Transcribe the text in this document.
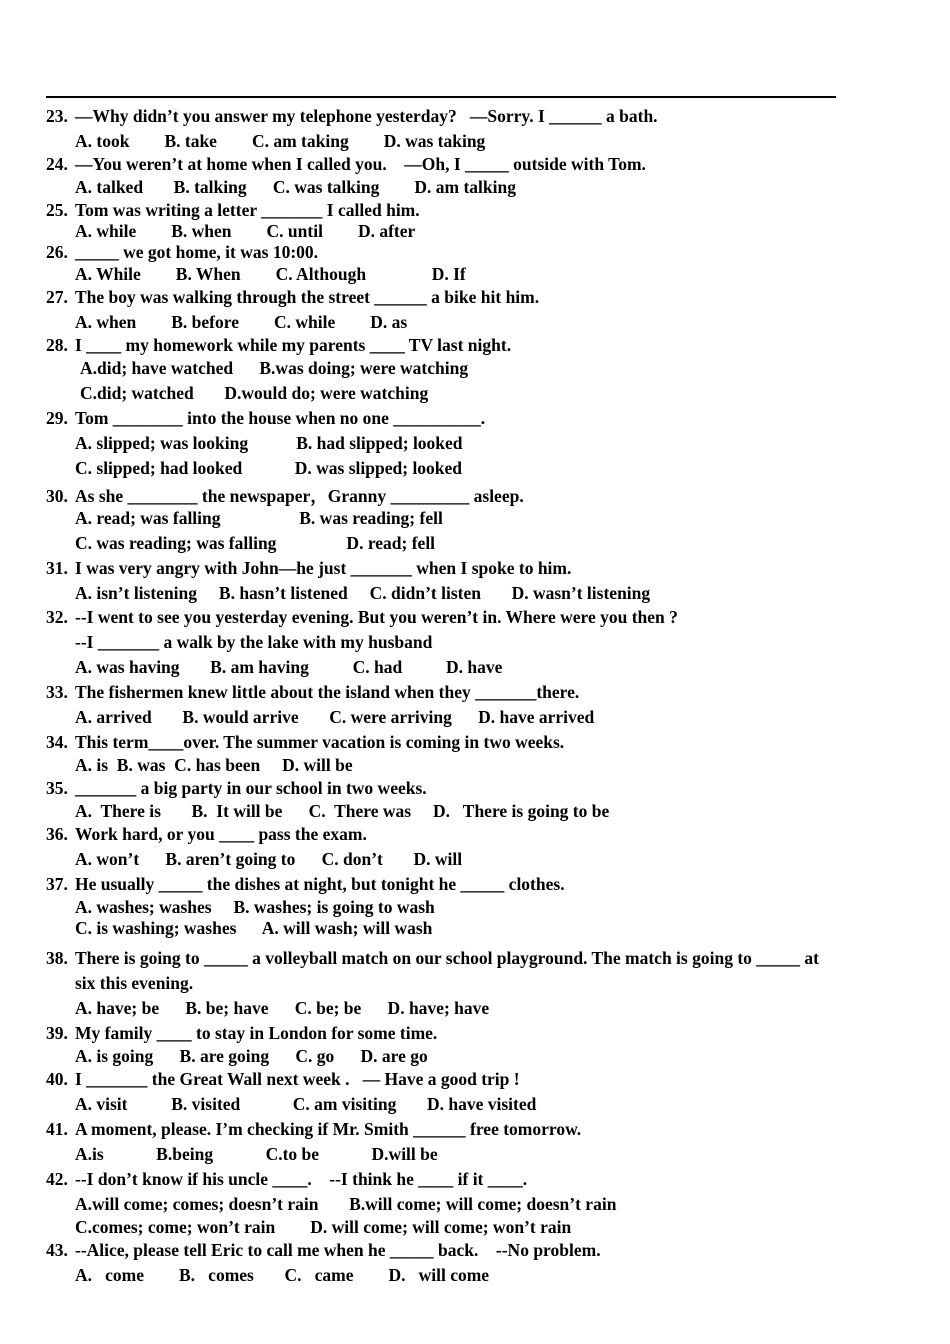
23. —Why didn’t you answer my telephone yesterday?   —Sorry. I ______ a bath.
A. took        B. take        C. am taking        D. was taking
24. —You weren’t at home when I called you.    —Oh, I _____ outside with Tom.
A. talked       B. talking      C. was talking        D. am talking
25. Tom was writing a letter _______ I called him.
A. while        B. when        C. until        D. after
26. _____ we got home, it was 10:00.
A. While        B. When        C. Although               D. If
27. The boy was walking through the street ______ a bike hit him.
A. when        B. before        C. while        D. as
28. I ____ my homework while my parents ____ TV last night.
A.did; have watched      B.was doing; were watching
C.did; watched       D.would do; were watching
29. Tom ________ into the house when no one __________.
A. slipped; was looking           B. had slipped; looked
C. slipped; had looked            D. was slipped; looked
30. As she ________ the newspaper，Granny _________ asleep.
A. read; was falling                  B. was reading; fell
C. was reading; was falling                D. read; fell
31. I was very angry with John—he just _______ when I spoke to him.
A. isn’t listening     B. hasn’t listened     C. didn’t listen       D. wasn’t listening
32. --I went to see you yesterday evening. But you weren’t in. Where were you then ?
--I _______ a walk by the lake with my husband
A. was having       B. am having          C. had          D. have
33. The fishermen knew little about the island when they _______there.
A. arrived       B. would arrive       C. were arriving      D. have arrived
34. This term____over. The summer vacation is coming in two weeks.
A. is  B. was  C. has been     D. will be
35. _______ a big party in our school in two weeks.
A.  There is       B.  It will be      C.  There was     D.   There is going to be
36. Work hard, or you ____ pass the exam.
A. won’t      B. aren’t going to      C. don’t       D. will
37. He usually _____ the dishes at night, but tonight he _____ clothes.
A. washes; washes     B. washes; is going to wash
C. is washing; washes      A. will wash; will wash
38. There is going to _____ a volleyball match on our school playground. The match is going to _____ at
six this evening.
A. have; be      B. be; have      C. be; be      D. have; have
39. My family ____ to stay in London for some time.
A. is going      B. are going      C. go      D. are go
40. I _______ the Great Wall next week .   — Have a good trip !
A. visit          B. visited            C. am visiting       D. have visited
41. A moment, please. I’m checking if Mr. Smith ______ free tomorrow.
A.is            B.being            C.to be            D.will be
42. --I don’t know if his uncle ____.    --I think he ____ if it ____.
A.will come; comes; doesn’t rain       B.will come; will come; doesn’t rain
C.comes; come; won’t rain        D. will come; will come; won’t rain
43. --Alice, please tell Eric to call me when he _____ back.    --No problem.
A.   come        B.   comes       C.   came        D.   will come
